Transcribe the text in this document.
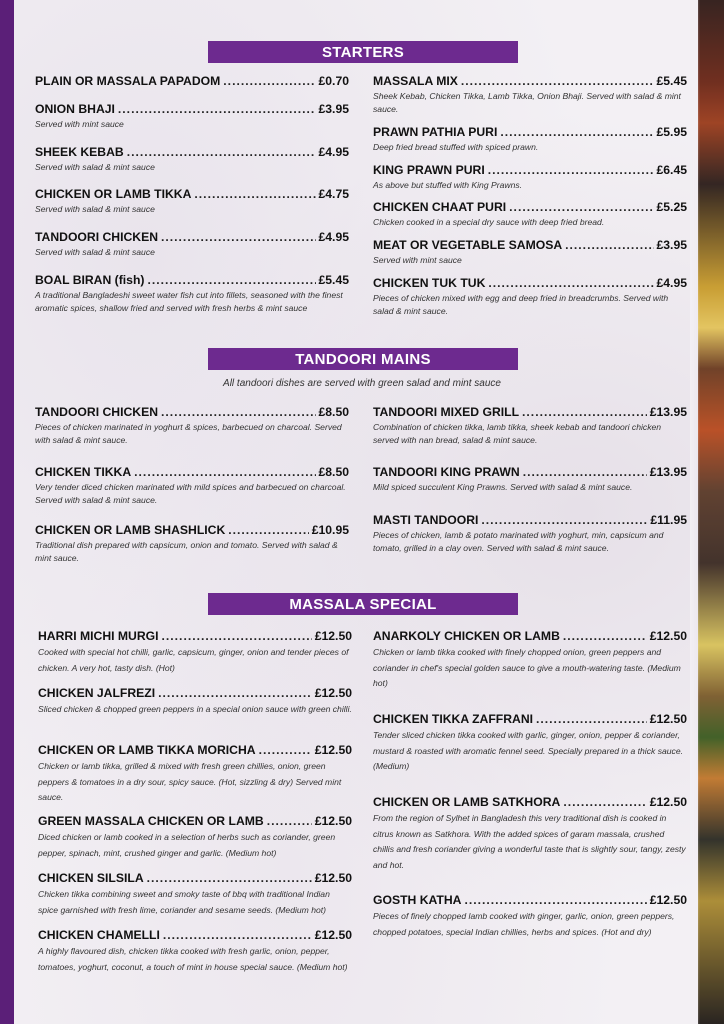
STARTERS
PLAIN OR MASSALA PAPADOM .....	£0.70
ONION BHAJI .....	£3.95
Served with mint sauce
SHEEK KEBAB .....	£4.95
Served with salad & mint sauce
CHICKEN OR LAMB TIKKA .....	£4.75
Served with salad & mint sauce
TANDOORI CHICKEN .....	£4.95
Served with salad & mint sauce
BOAL BIRAN (fish) .....	£5.45
A traditional Bangladeshi sweet water fish cut into fillets, seasoned with the finest aromatic spices, shallow fried and served with fresh herbs & mint sauce
MASSALA MIX .....	£5.45
Sheek Kebab, Chicken Tikka, Lamb Tikka, Onion Bhaji. Served with salad & mint sauce.
PRAWN PATHIA PURI .....	£5.95
Deep fried bread stuffed with spiced prawn.
KING PRAWN PURI .....	£6.45
As above but stuffed with King Prawns.
CHICKEN CHAAT PURI .....	£5.25
Chicken cooked in a special dry sauce with deep fried bread.
MEAT OR VEGETABLE SAMOSA .....	£3.95
Served with mint sauce
CHICKEN TUK TUK .....	£4.95
Pieces of chicken mixed with egg and deep fried in breadcrumbs. Served with salad & mint sauce.
TANDOORI MAINS
All tandoori dishes are served with green salad and mint sauce
TANDOORI CHICKEN .....	£8.50
Pieces of chicken marinated in yoghurt & spices, barbecued on charcoal. Served with salad & mint sauce.
CHICKEN TIKKA .....	£8.50
Very tender diced chicken marinated with mild spices and barbecued on charcoal. Served with salad & mint sauce.
CHICKEN OR LAMB SHASHLICK .....	£10.95
Traditional dish prepared with capsicum, onion and tomato. Served with salad & mint sauce.
TANDOORI MIXED GRILL .....	£13.95
Combination of chicken tikka, lamb tikka, sheek kebab and tandoori chicken served with nan bread, salad & mint sauce.
TANDOORI KING PRAWN .....	£13.95
Mild spiced succulent King Prawns. Served with salad & mint sauce.
MASTI TANDOORI .....	£11.95
Pieces of chicken, lamb & potato marinated with yoghurt, min, capsicum and tomato, grilled in a clay oven. Served with salad & mint sauce.
MASSALA SPECIAL
HARRI MICHI MURGI .....	£12.50
Cooked with special hot chilli, garlic, capsicum, ginger, onion and tender pieces of chicken. A very hot, tasty dish. (Hot)
CHICKEN JALFREZI .....	£12.50
Sliced chicken & chopped green peppers in a special onion sauce with green chilli.
CHICKEN OR LAMB TIKKA MORICHA .....	£12.50
Chicken or lamb tikka, grilled & mixed with fresh green chillies, onion, green peppers & tomatoes in a dry sour, spicy sauce. (Hot, sizzling & dry) Served mint sauce.
GREEN MASSALA CHICKEN OR LAMB .....	£12.50
Diced chicken or lamb cooked in a selection of herbs such as coriander, green pepper, spinach, mint, crushed ginger and garlic. (Medium hot)
CHICKEN SILSILA .....	£12.50
Chicken tikka combining sweet and smoky taste of bbq with traditional Indian spice garnished with fresh lime, coriander and sesame seeds. (Medium hot)
CHICKEN CHAMELLI .....	£12.50
A highly flavoured dish, chicken tikka cooked with fresh garlic, onion, pepper, tomatoes, yoghurt, coconut, a touch of mint in house special sauce. (Medium hot)
ANARKOLY CHICKEN OR LAMB .....	£12.50
Chicken or lamb tikka cooked with finely chopped onion, green peppers and coriander in chef's special golden sauce to give a mouth-watering taste. (Medium hot)
CHICKEN TIKKA ZAFFRANI .....	£12.50
Tender sliced chicken tikka cooked with garlic, ginger, onion, pepper & coriander, mustard & roasted with aromatic fennel seed. Specially prepared in a thick sauce. (Medium)
CHICKEN OR LAMB SATKHORA .....	£12.50
From the region of Sylhet in Bangladesh this very traditional dish is cooked in citrus known as Satkhora. With the added spices of garam massala, crushed chillis and fresh coriander giving a wonderful taste that is slightly sour, tangy, zesty and hot.
GOSTH KATHA .....	£12.50
Pieces of finely chopped lamb cooked with ginger, garlic, onion, green peppers, chopped potatoes, special Indian chillies, herbs and spices. (Hot and dry)
